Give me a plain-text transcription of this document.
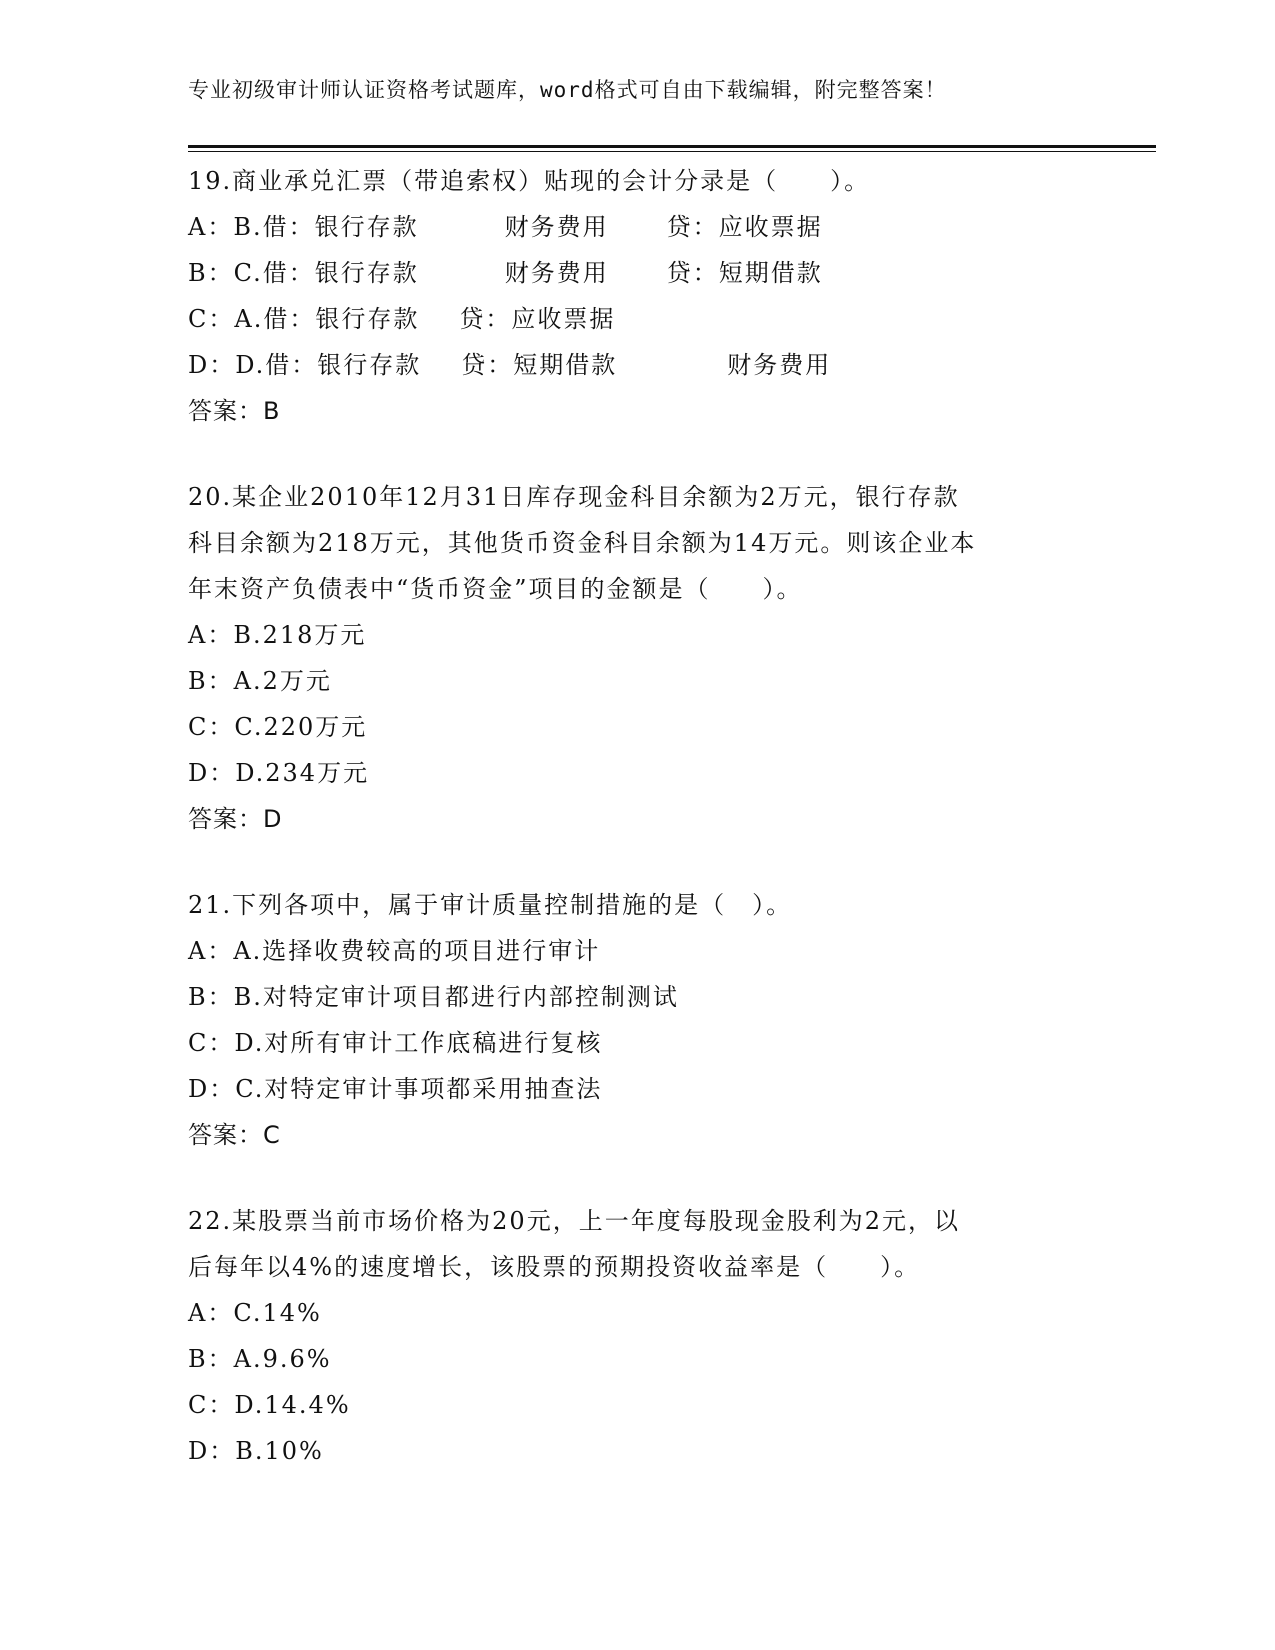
专业初级审计师认证资格考试题库，word格式可自由下载编辑，附完整答案！
19.商业承兑汇票（带追索权）贴现的会计分录是（　　）。
A：B.借：银行存款	财务费用 贷：应收票据
B：C.借：银行存款	财务费用 贷：短期借款
C：A.借：银行存款 贷：应收票据
D：D.借：银行存款 贷：短期借款	财务费用
答案：B
20.某企业2010年12月31日库存现金科目余额为2万元，银行存款
科目余额为218万元，其他货币资金科目余额为14万元。则该企业本
年末资产负债表中“货币资金”项目的金额是（　　）。
A：B.218万元
B：A.2万元
C：C.220万元
D：D.234万元
答案：D
21.下列各项中，属于审计质量控制措施的是（　）。
A：A.选择收费较高的项目进行审计
B：B.对特定审计项目都进行内部控制测试
C：D.对所有审计工作底稿进行复核
D：C.对特定审计事项都采用抽查法
答案：C
22.某股票当前市场价格为20元，上一年度每股现金股利为2元，以
后每年以4%的速度增长，该股票的预期投资收益率是（　　）。
A：C.14%
B：A.9.6%
C：D.14.4%
D：B.10%
